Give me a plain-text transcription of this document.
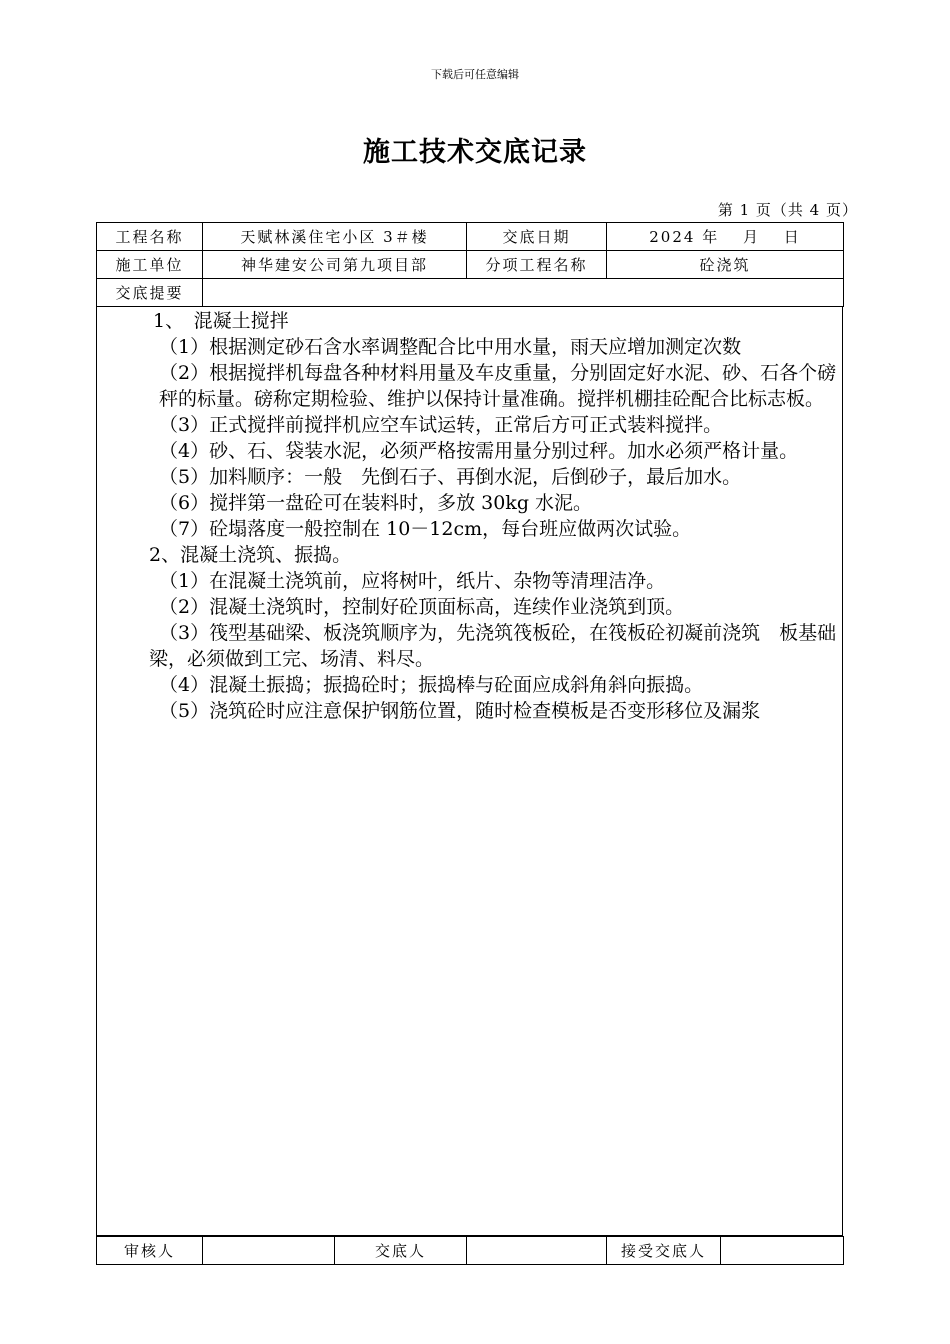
下载后可任意编辑
施工技术交底记录
第 1 页（共 4 页）
工程名称	天赋林溪住宅小区 3＃楼	交底日期	2024 年　 月　 日
施工单位	神华建安公司第九项目部	分项工程名称	砼浇筑
交底提要			

1、　混凝土搅拌

（1）根据测定砂石含水率调整配合比中用水量，雨天应增加测定次数

（2）根据搅拌机每盘各种材料用量及车皮重量，分别固定好水泥、砂、石各个磅秤的标量。磅称定期检验、维护以保持计量准确。搅拌机棚挂砼配合比标志板。

（3）正式搅拌前搅拌机应空车试运转，正常后方可正式装料搅拌。

（4）砂、石、袋装水泥，必须严格按需用量分别过秤。加水必须严格计量。

（5）加料顺序：一般　先倒石子、再倒水泥，后倒砂子，最后加水。

（6）搅拌第一盘砼可在装料时，多放 30kg 水泥。

（7）砼塌落度一般控制在 10－12cm，每台班应做两次试验。

2、混凝土浇筑、振捣。

（1）在混凝土浇筑前，应将树叶，纸片、杂物等清理洁净。

（2）混凝土浇筑时，控制好砼顶面标高，连续作业浇筑到顶。

（3）筏型基础梁、板浇筑顺序为，先浇筑筏板砼，在筏板砼初凝前浇筑　板基础梁，必须做到工完、场清、料尽。

（4）混凝土振捣；振捣砼时；振捣棒与砼面应成斜角斜向振捣。

（5）浇筑砼时应注意保护钢筋位置，随时检查模板是否变形移位及漏浆

审核人		交底人		接受交底人	
